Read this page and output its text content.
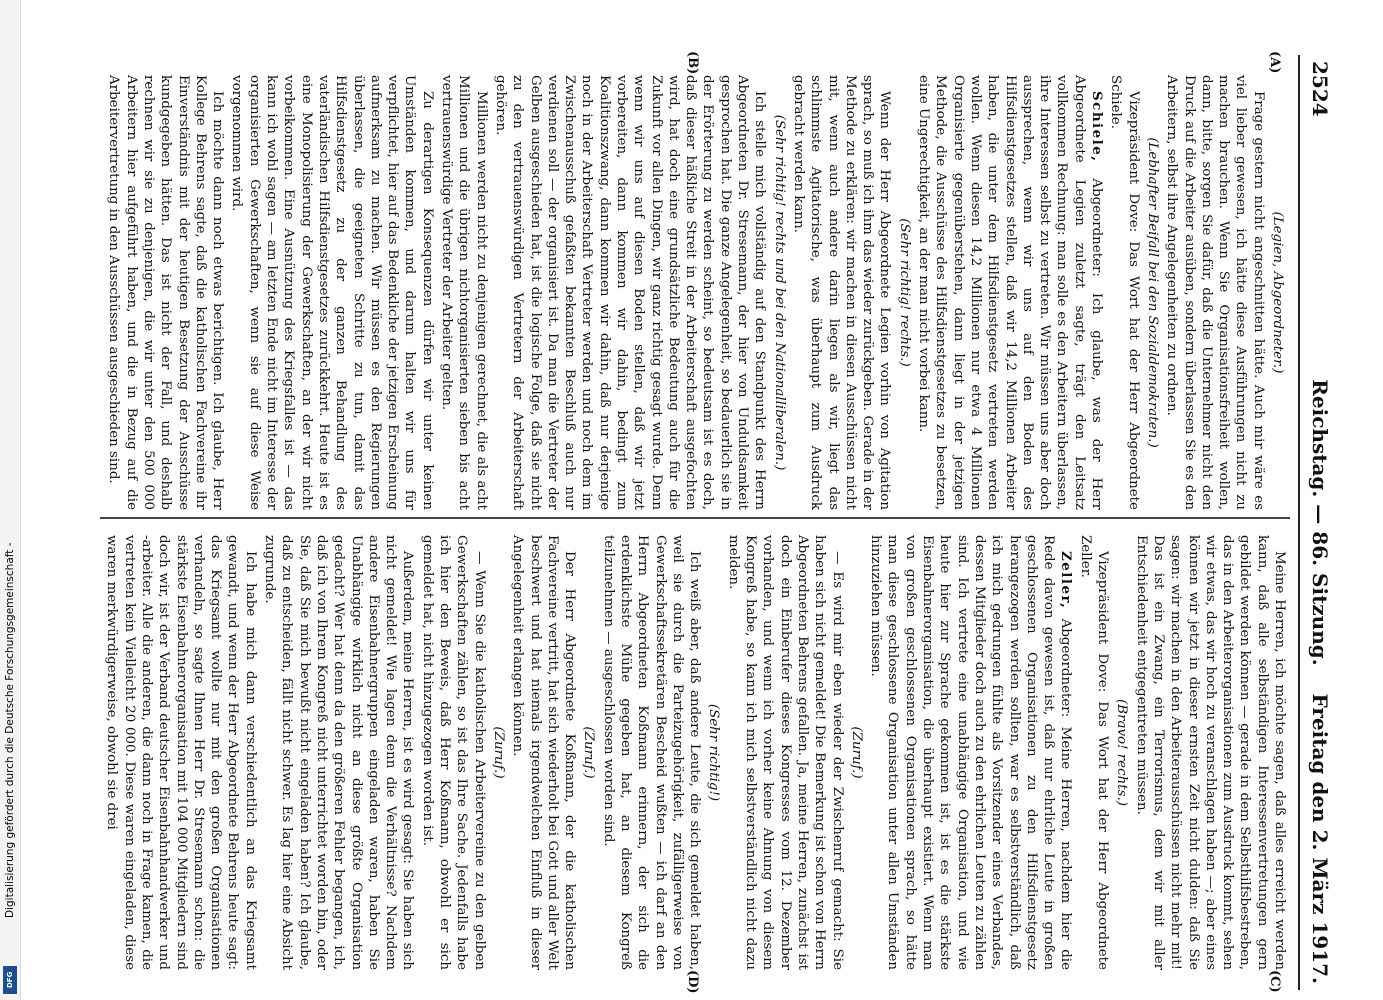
Digitalisierung gefördert durch die Deutsche Forschungsgemeinschaft -
DFG
2524
Reichstag. — 86. Sitzung.
Freitag den 2. März 1917.
(A)
(B)
(C)
(D)

(Legien, Abgeordneter.)

Frage gestern nicht angeschnitten hätte. Auch mir wäre es viel lieber gewesen, ich hätte diese Ausführungen nicht zu machen brauchen. Wenn Sie Organisationsfreiheit wollen, dann, bitte, sorgen Sie dafür, daß die Unternehmer nicht den Druck auf die Arbeiter ausüben, sondern überlassen Sie es den Arbeitern, selbst ihre Angelegenheiten zu ordnen.

(Lebhafter Beifall bei den Sozialdemokraten.)

Vizepräsident Dove: Das Wort hat der Herr Abgeordnete Schiele.

Schiele, Abgeordneter: Ich glaube, was der Herr Abgeordnete Legien zuletzt sagte, trägt den Leitsatz vollkommen Rechnung: man solle es den Arbeitern überlassen, ihre Interessen selbst zu vertreten. Wir müssen uns aber doch aussprechen, wenn wir uns auf den Boden des Hilfsdienstgesetzes stellen, daß wir 14,2 Millionen Arbeiter haben, die unter dem Hilfsdienstgesetz vertreten werden wollen. Wenn diesen 14,2 Millionen nur etwa 4 Millionen Organisierte gegenüberstehen, dann liegt in der jetzigen Methode, die Ausschüsse des Hilfsdienstgesetzes zu besetzen, eine Ungerechtigkeit, an der man nicht vorbei kann.

(Sehr richtig! rechts.)

Wenn der Herr Abgeordnete Legien vorhin von Agitation sprach, so muß ich ihm das wieder zurückgeben. Gerade in der Methode zu erklären: wir machen in diesen Ausschüssen nicht mit, wenn auch andere darin liegen als wir, liegt das schlimmste Agitatorische, was überhaupt zum Ausdruck gebracht werden kann.

(Sehr richtig! rechts und bei den Nationalliberalen.)

Ich stelle mich vollständig auf den Standpunkt des Herrn Abgeordneten Dr. Stresemann, der hier von Unduldsamkeit gesprochen hat. Die ganze Angelegenheit, so bedauerlich sie in der Erörterung zu werden scheint, so bedeutsam ist es doch, daß dieser häßliche Streit in der Arbeiterschaft ausgefochten wird, hat doch eine grundsätzliche Bedeutung auch für die Zukunft vor allen Dingen, wir ganz richtig gesagt wurde. Denn wenn wir uns auf diesen Boden stellen, daß wir jetzt vorbereiten, dann kommen wir dahin, bedingt zum Koalitionszwang, dann kommen wir dahin, daß nur derjenige noch in der Arbeiterschaft Vertreter werden und noch dem im Zwischenausschuß gefaßten bekannten Beschluß auch nur verdienen soll — der organisiert ist. Da man die Vertreter der Gelben ausgeschieden hat, ist die logische Folge, daß sie nicht zu den vertrauenswürdigen Vertretern der Arbeiterschaft gehören.

Millionen werden nicht zu denjenigen gerechnet, die als acht Millionen und die übrigen nichtorganisierten sieben bis acht vertrauenswürdige Vertreter der Arbeiter gelten.

Zu derartigen Konsequenzen dürfen wir unter keinen Umständen kommen, und darum halten wir uns für verpflichtet, hier auf das Bedenkliche der jetzigen Erscheinung aufmerksam zu machen. Wir müssen es den Regierungen überlassen, die geeigneten Schritte zu tun, damit das Hilfsdienstgesetz zu der ganzen Behandlung des vaterländischen Hilfsdienstgesetzes zurückkehrt. Heute ist es eine Monopolisierung der Gewerkschaften, an der wir nicht vorbeikommen. Eine Ausnützung des Kriegsfalles ist — das kann ich wohl sagen — am letzten Ende nicht im Interesse der organisierten Gewerkschaften, wenn sie auf diese Weise vorgenommen wird.

Ich möchte dann noch etwas berichtigen. Ich glaube, Herr Kollege Behrens sagte, daß die katholischen Fachvereine ihr Einverständnis mit der heutigen Besetzung der Ausschüsse kundgegeben hätten. Das ist nicht der Fall, und deshalb rechnen wir sie zu denjenigen, die wir unter den 500 000 Arbeitern hier aufgeführt haben, und die in Bezug auf die Arbeitervertretung in den Ausschüssen ausgeschieden sind.

Meine Herren, ich möchte sagen, daß alles erreicht werden kann, daß alle selbständigen Interessenvertretungen gern gebildet werden können — gerade in dem Selbsthilfsbestreben, das in den Arbeiterorganisationen zum Ausdruck kommt, sehen wir etwas, das wir hoch zu veranschlagen haben —; aber eines können wir jetzt in dieser ernsten Zeit nicht dulden: daß Sie sagen: wir machen in den Arbeiterausschüssen nicht mehr mit! Das ist ein Zwang, ein Terrorismus, dem wir mit aller Entschiedenheit entgegentreten müssen.

(Bravo! rechts.)

Vizepräsident Dove: Das Wort hat der Herr Abgeordnete Zeller.

Zeller, Abgeordneter: Meine Herren, nachdem hier die Rede davon gewesen ist, daß nur ehrliche Leute in großen geschlossenen Organisationen zu den Hilfsdienstgesetz herangezogen werden sollten, war es selbstverständlich, daß ich mich gedrungen fühlte als Vorsitzender eines Verbandes, dessen Mitglieder doch auch zu den ehrlichen Leuten zu zählen sind. Ich vertrete eine unabhängige Organisation, und wie heute hier zur Sprache gekommen ist, ist es die stärkste Eisenbahnerorganisation, die überhaupt existiert. Wenn man von großen geschlossenen Organisationen sprach, so hätte man diese geschlossene Organisation unter allen Umständen hinzuziehen müssen.

(Zuruf.)

— Es wird mir eben wieder der Zwischenruf gemacht: Sie haben sich nicht gemeldet! Die Bemerkung ist schon von Herrn Abgeordneten Behrens gefallen. Ja, meine Herren, zunächst ist doch ein Einberufer dieses Kongresses vom 12. Dezember vorhanden, und wenn ich vorher keine Ahnung von diesem Kongreß habe, so kann ich mich selbstverständlich nicht dazu melden.

(Sehr richtig!)

Ich weiß aber, daß andere Leute, die sich gemeldet haben, weil sie durch die Parteizugehörigkeit, zufälligerweise von Gewerkschaftssekretären Bescheid wußten — ich darf an den Herrn Abgeordneten Koßmann erinnern, der sich die erdenklichste Mühe gegeben hat, an diesem Kongreß teilzunehmen — ausgeschlossen worden sind.

(Zuruf.)

Der Herr Abgeordnete Koßmann, der die katholischen Fachvereine vertritt, hat sich wiederholt bei Gott und aller Welt beschwert und hat niemals irgendwelchen Einfluß in dieser Angelegenheit erlangen können.

(Zuruf.)

— Wenn Sie die katholischen Arbeitervereine zu den gelben Gewerkschaften zählen, so ist das Ihre Sache. Jedenfalls habe ich hier den Beweis, daß Herr Koßmann, obwohl er sich gemeldet hat, nicht hinzugezogen worden ist.

Außerdem, meine Herren, ist es wird gesagt: Sie haben sich nicht gemeldet! Wie lagen denn die Verhältnisse? Nachdem andere Eisenbahnergruppen eingeladen waren, haben Sie Unabhängige wirklich nicht an diese größte Organisation gedacht? Wer hat denn da den größeren Fehler begangen, ich, daß ich von Ihrem Kongreß nicht unterrichtet worden bin, oder Sie, daß Sie mich bewußt nicht eingeladen haben? Ich glaube, daß zu entscheiden, fällt nicht schwer. Es lag hier eine Absicht zugrunde.

Ich habe mich dann verschiedentlich an das Kriegsamt gewandt, und wenn der Herr Abgeordnete Behrens heute sagt: das Kriegsamt wollte nur mit den großen Organisationen verhandeln, so sagte Ihnen Herr Dr. Stresemann schon: die stärkste Eisenbahnerorganisation mit 104 000 Mitgliedern sind doch wir, ist der Verband deutscher Eisenbahnhandwerker und -arbeiter. Alle die anderen, die dann noch in Frage kamen, die vertreten kein Vielleicht 20 000. Diese waren eingeladen, diese waren merkwürdigerweise, obwohl sie drei
